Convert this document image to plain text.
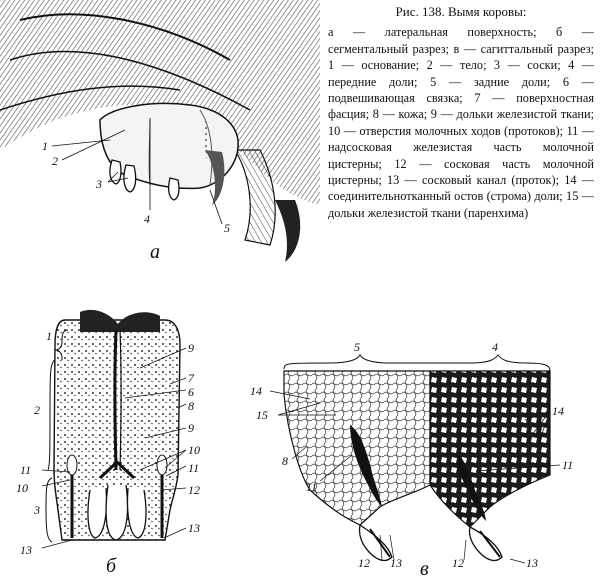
Рис. 138. Вымя коровы:
а — латеральная поверхность; б — сегментальный разрез; в — сагиттальный разрез; 1 — основание; 2 — тело; 3 — соски; 4 — передние доли; 5 — задние доли; 6 — подвешивающая связка; 7 — поверхностная фасция; 8 — кожа; 9 — дольки железистой ткани; 10 — отверстия молочных ходов (протоков); 11 — надсосковая железистая часть молочной цистерны; 12 — сосковая часть молочной цистерны; 13 — сосковый канал (проток); 14 — соединительнотканный остов (строма) доли; 15 — дольки железистой ткани (паренхима)
1
2
3
4
5
а
1
2
3
9
7
6
8
9
10
11
12
13
11
10
13
б
5	4
14
15
8
11
12 13
14
11
12	13
в
